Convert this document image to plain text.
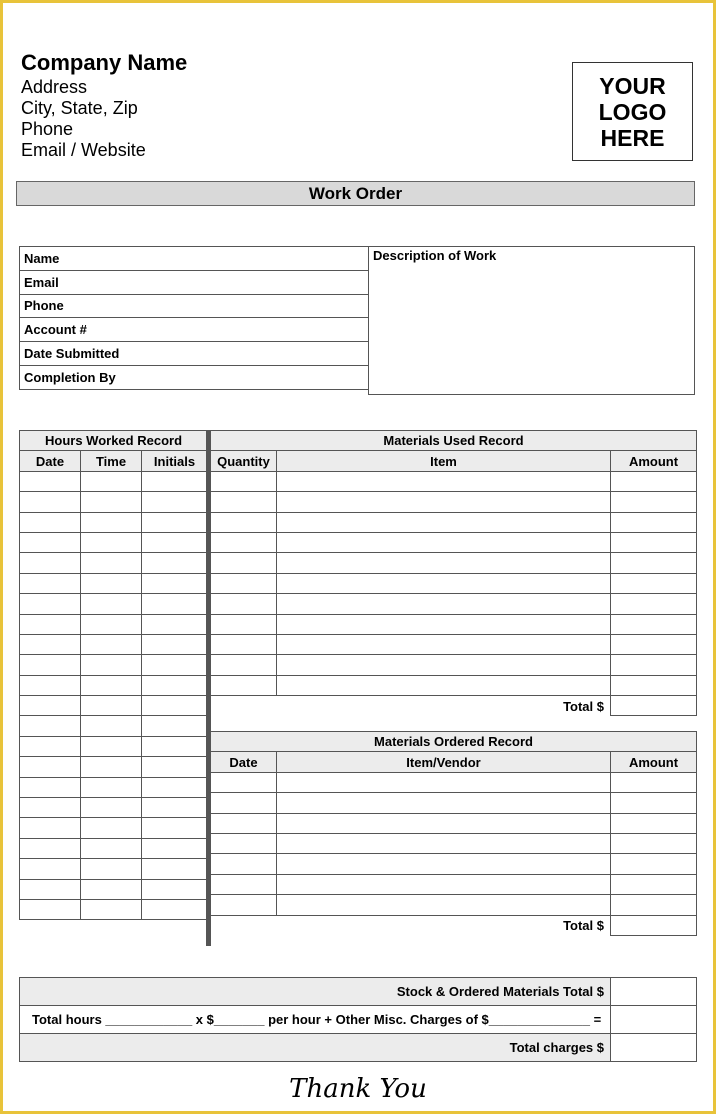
Company Name
Address
City, State, Zip
Phone
Email / Website
YOUR
LOGO
HERE
Work Order
Name
Email
Phone
Account #
Date Submitted
Completion By
Description of Work
Hours Worked Record		
Date	Time	Initials

Materials Used Record		
Quantity	Item	Amount

Total $		
Materials Ordered Record		
Date	Item/Vendor	Amount

Total $		
Stock & Ordered Materials Total $	
Total hours ____________ x $_______ per hour + Other Misc. Charges of $______________ =	
Total charges $	
Thank You
